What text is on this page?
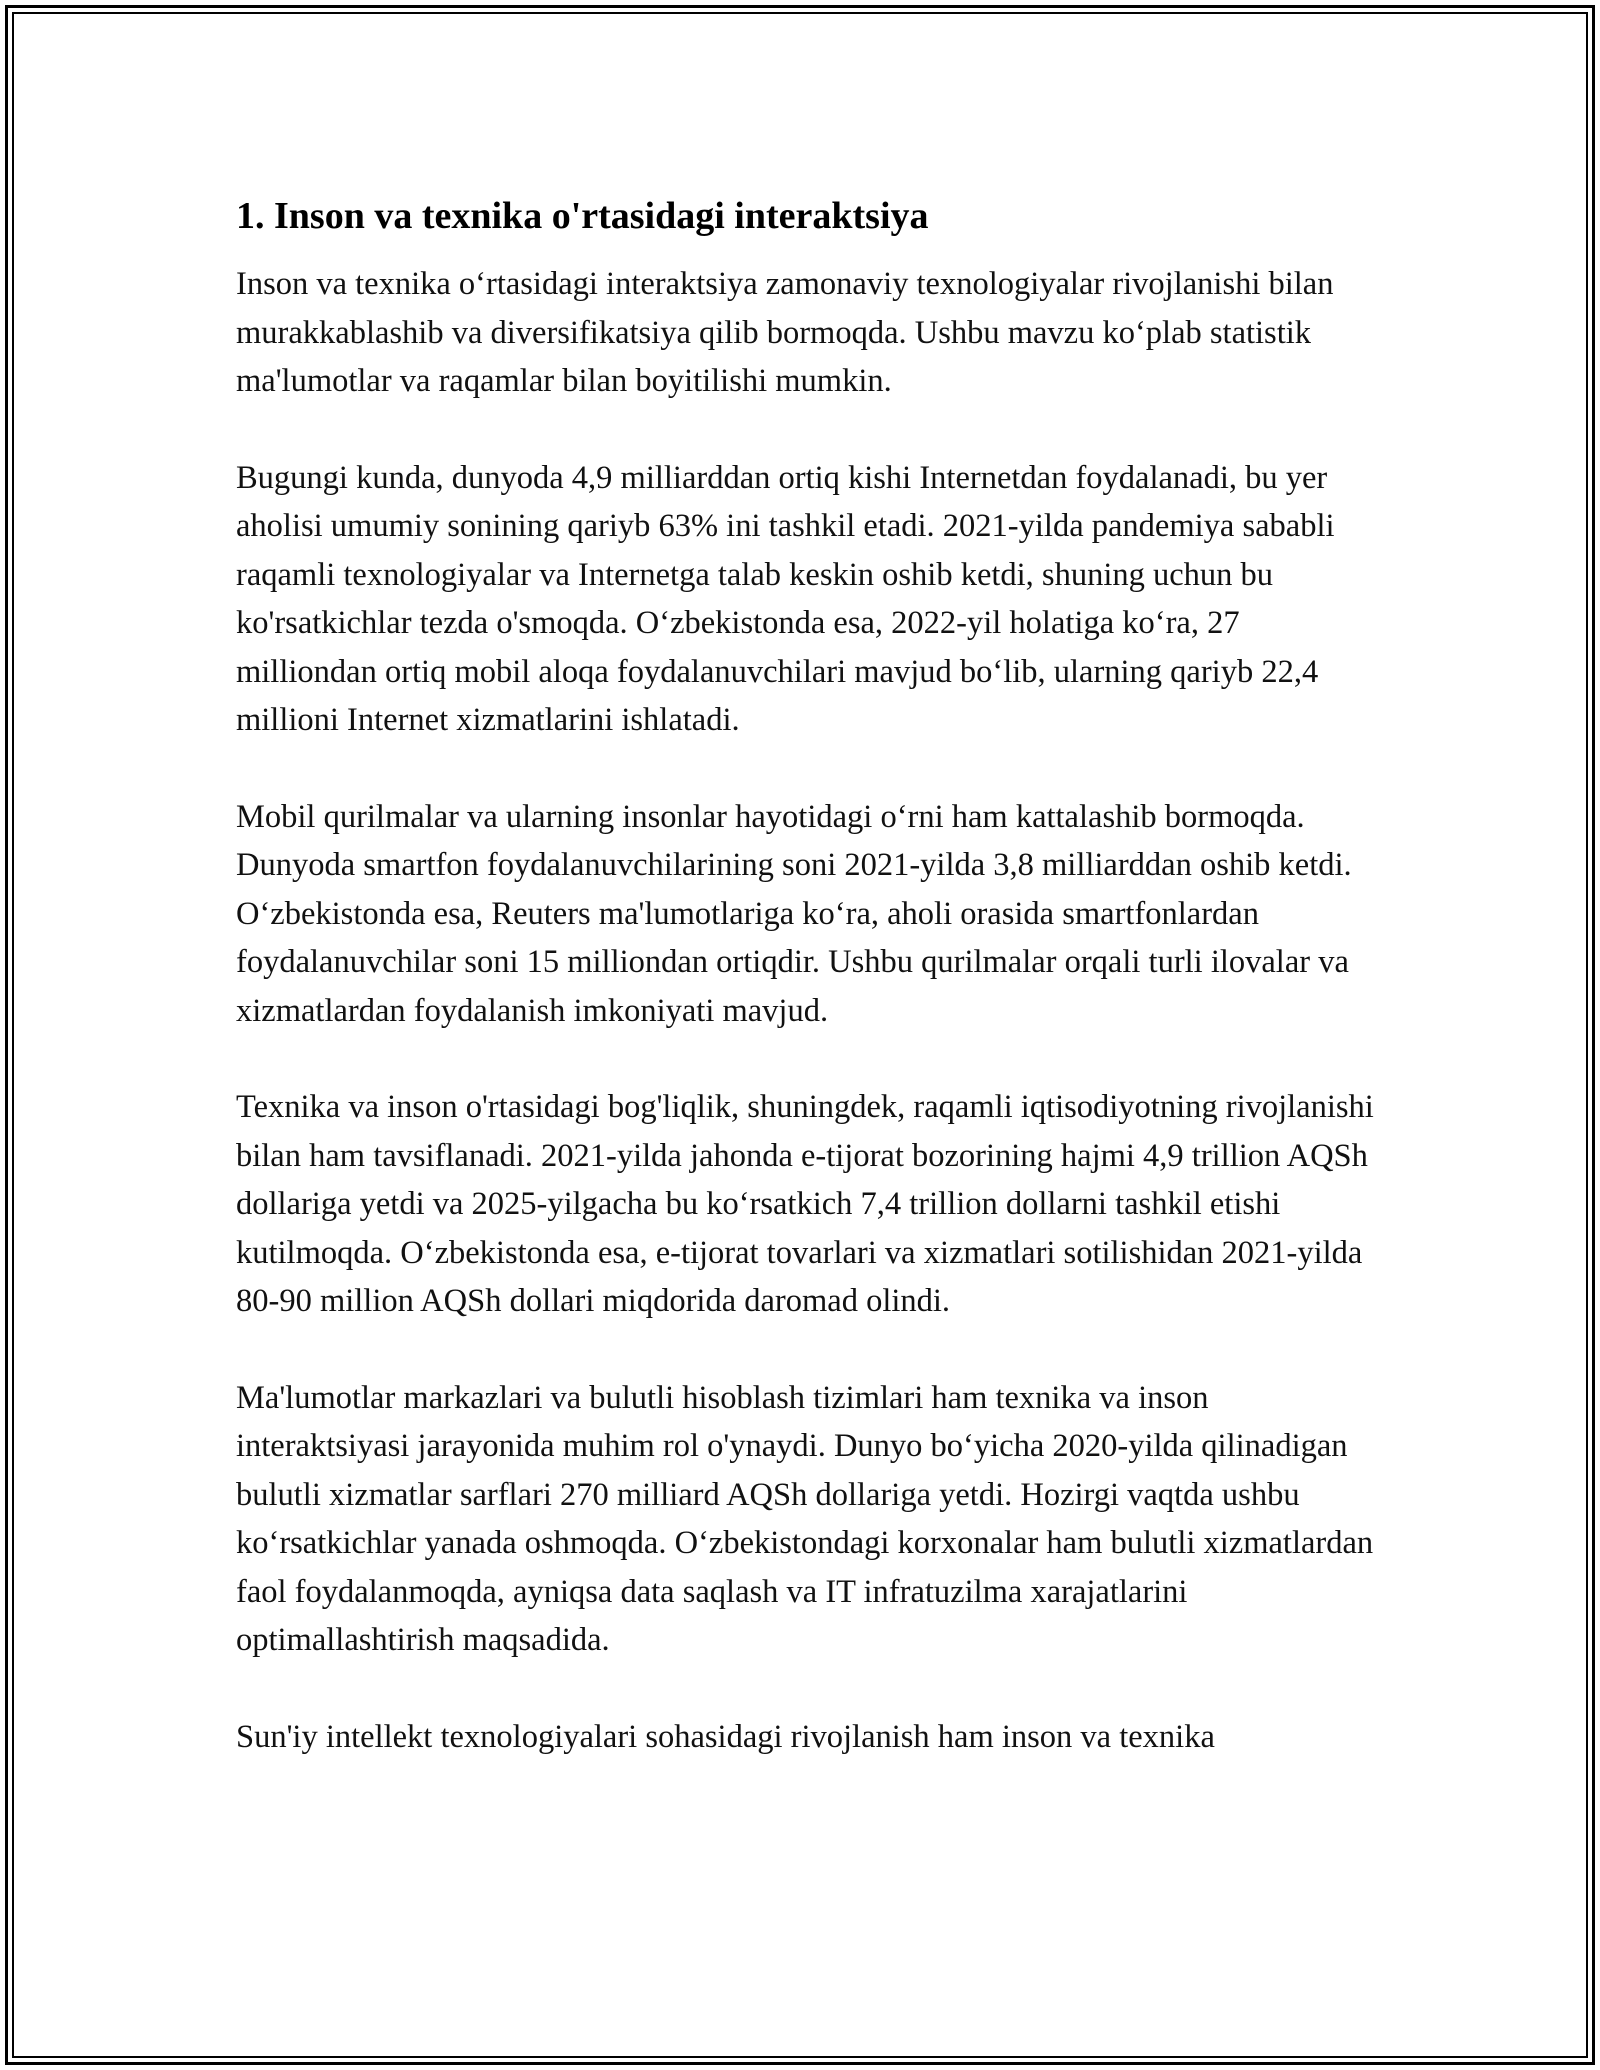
1. Inson va texnika o'rtasidagi interaktsiya

Inson va texnika o‘rtasidagi interaktsiya zamonaviy texnologiyalar rivojlanishi bilan murakkablashib va diversifikatsiya qilib bormoqda. Ushbu mavzu ko‘plab statistik ma'lumotlar va raqamlar bilan boyitilishi mumkin.

Bugungi kunda, dunyoda 4,9 milliarddan ortiq kishi Internetdan foydalanadi, bu yer aholisi umumiy sonining qariyb 63% ini tashkil etadi. 2021-yilda pandemiya sababli raqamli texnologiyalar va Internetga talab keskin oshib ketdi, shuning uchun bu ko'rsatkichlar tezda o'smoqda. O‘zbekistonda esa, 2022-yil holatiga ko‘ra, 27 milliondan ortiq mobil aloqa foydalanuvchilari mavjud bo‘lib, ularning qariyb 22,4 millioni Internet xizmatlarini ishlatadi.

Mobil qurilmalar va ularning insonlar hayotidagi o‘rni ham kattalashib bormoqda. Dunyoda smartfon foydalanuvchilarining soni 2021-yilda 3,8 milliarddan oshib ketdi. O‘zbekistonda esa, Reuters ma'lumotlariga ko‘ra, aholi orasida smartfonlardan foydalanuvchilar soni 15 milliondan ortiqdir. Ushbu qurilmalar orqali turli ilovalar va xizmatlardan foydalanish imkoniyati mavjud.

Texnika va inson o'rtasidagi bog'liqlik, shuningdek, raqamli iqtisodiyotning rivojlanishi bilan ham tavsiflanadi. 2021-yilda jahonda e-tijorat bozorining hajmi 4,9 trillion AQSh dollariga yetdi va 2025-yilgacha bu ko‘rsatkich 7,4 trillion dollarni tashkil etishi kutilmoqda. O‘zbekistonda esa, e-tijorat tovarlari va xizmatlari sotilishidan 2021-yilda 80-90 million AQSh dollari miqdorida daromad olindi.

Ma'lumotlar markazlari va bulutli hisoblash tizimlari ham texnika va inson interaktsiyasi jarayonida muhim rol o'ynaydi. Dunyo bo‘yicha 2020-yilda qilinadigan bulutli xizmatlar sarflari 270 milliard AQSh dollariga yetdi. Hozirgi vaqtda ushbu ko‘rsatkichlar yanada oshmoqda. O‘zbekistondagi korxonalar ham bulutli xizmatlardan faol foydalanmoqda, ayniqsa data saqlash va IT infratuzilma xarajatlarini optimallashtirish maqsadida.

Sun'iy intellekt texnologiyalari sohasidagi rivojlanish ham inson va texnika
